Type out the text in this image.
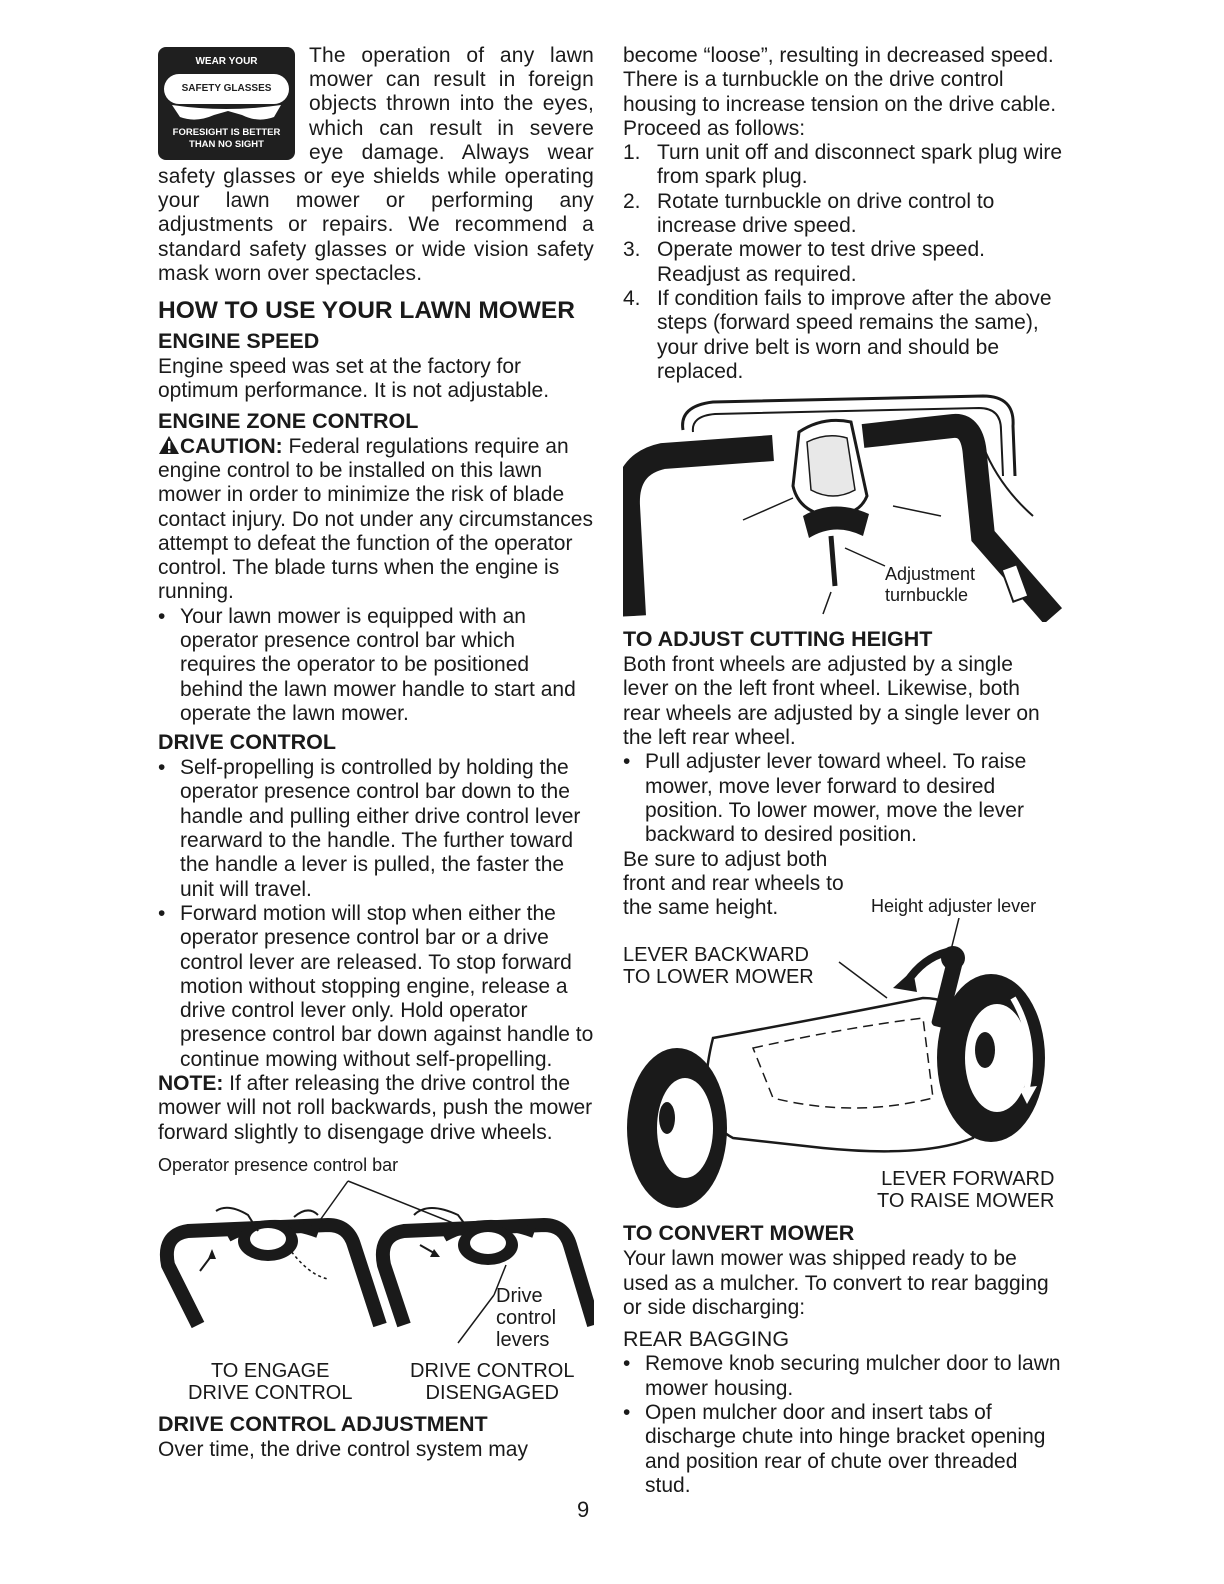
WEAR YOUR
SAFETY GLASSES
FORESIGHT IS BETTER
THAN NO SIGHT

The operation of any lawn mower can result in foreign objects thrown into the eyes, which can result in severe eye damage. Always wear safety glasses or eye shields while operating your lawn mower or performing any adjustments or repairs. We recommend a standard safety glasses or wide vision safety mask worn over spectacles.

HOW TO USE YOUR LAWN MOWER
ENGINE SPEED

Engine speed was set at the factory for optimum performance. It is not adjustable.

ENGINE ZONE CONTROL

CAUTION: Federal regulations require an engine control to be installed on this lawn mower in order to minimize the risk of blade contact injury. Do not under any circumstances attempt to defeat the function of the operator control. The blade turns when the engine is running.

• Your lawn mower is equipped with an operator presence control bar which requires the operator to be positioned behind the lawn mower handle to start and operate the lawn mower.
DRIVE CONTROL
• Self-propelling is controlled by holding the operator presence control bar down to the handle and pulling either drive control lever rearward to the handle. The further toward the handle a lever is pulled, the faster the unit will travel.
• Forward motion will stop when either the operator presence control bar or a drive control lever are released. To stop forward motion without stopping engine, release a drive control lever only. Hold operator presence control bar down against handle to continue mowing without self-propelling.

NOTE: If after releasing the drive control the mower will not roll backwards, push the mower forward slightly to disengage drive wheels.

Operator presence control bar
Drive
control
levers
TO ENGAGE
DRIVE CONTROL
DRIVE CONTROL
DISENGAGED
DRIVE CONTROL ADJUSTMENT

Over time, the drive control system may

9

become “loose”, resulting in decreased speed. There is a turnbuckle on the drive control housing to increase tension on the drive cable. Proceed as follows:

1. Turn unit off and disconnect spark plug wire from spark plug.
2. Rotate turnbuckle on drive control to increase drive speed.
3. Operate mower to test drive speed. Readjust as required.
4. If condition fails to improve after the above steps (forward speed remains the same), your drive belt is worn and should be replaced.
Adjustment
turnbuckle
TO ADJUST CUTTING HEIGHT

Both front wheels are adjusted by a single lever on the left front wheel. Likewise, both rear wheels are adjusted by a single lever on the left rear wheel.

• Pull adjuster lever toward wheel. To raise mower, move lever forward to desired position. To lower mower, move the lever backward to desired position.

Be sure to adjust both front and rear wheels to the same height.	Height adjuster lever
LEVER BACKWARD
TO LOWER MOWER
LEVER FORWARD
TO RAISE MOWER
TO CONVERT MOWER

Your lawn mower was shipped ready to be used as a mulcher. To convert to rear bagging or side discharging:

REAR BAGGING

• Remove knob securing mulcher door to lawn mower housing.
• Open mulcher door and insert tabs of discharge chute into hinge bracket opening and position rear of chute over threaded stud.
